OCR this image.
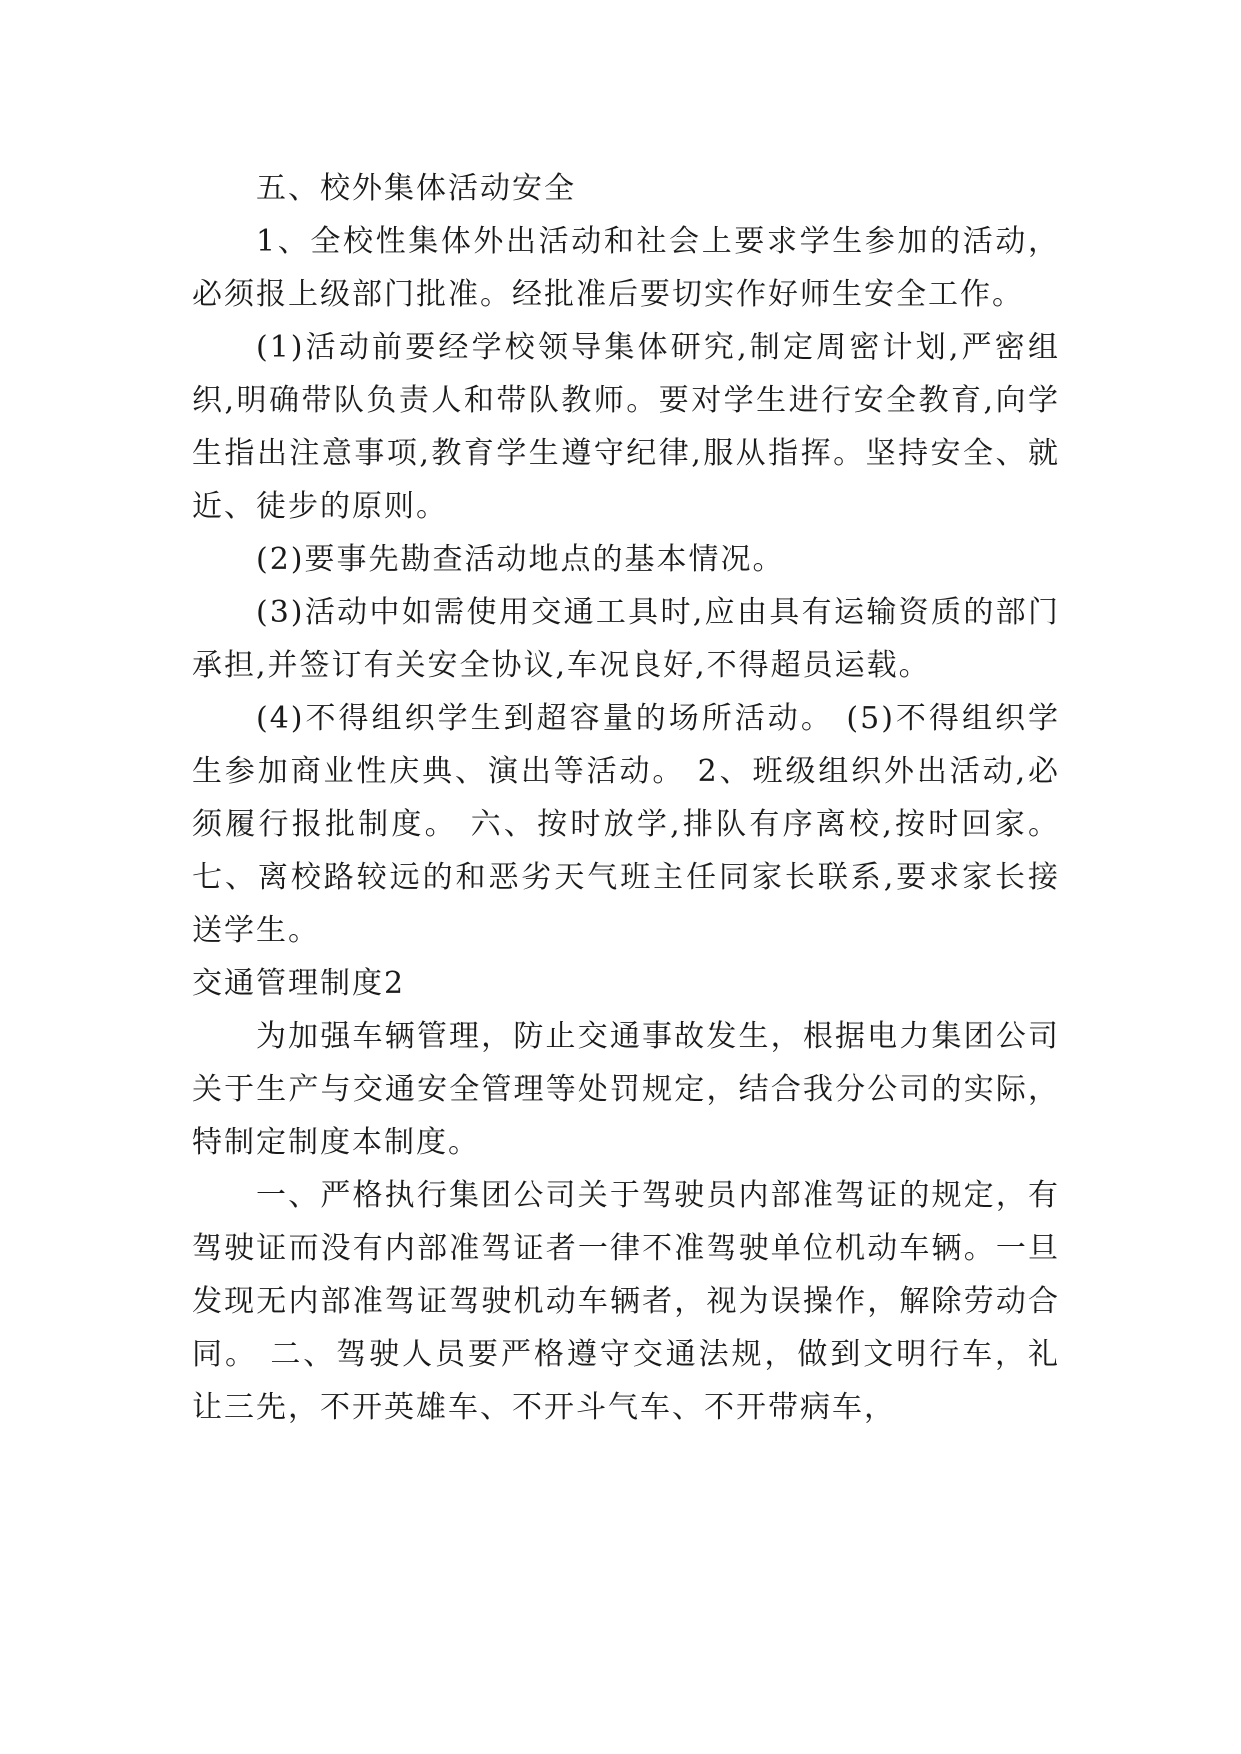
五、校外集体活动安全

1、全校性集体外出活动和社会上要求学生参加的活动，必须报上级部门批准。经批准后要切实作好师生安全工作。

(1)活动前要经学校领导集体研究,制定周密计划,严密组织,明确带队负责人和带队教师。要对学生进行安全教育,向学生指出注意事项,教育学生遵守纪律,服从指挥。坚持安全、就近、徒步的原则。

(2)要事先勘查活动地点的基本情况。

(3)活动中如需使用交通工具时,应由具有运输资质的部门承担,并签订有关安全协议,车况良好,不得超员运载。

(4)不得组织学生到超容量的场所活动。 (5)不得组织学生参加商业性庆典、演出等活动。 2、班级组织外出活动,必须履行报批制度。 六、按时放学,排队有序离校,按时回家。 七、离校路较远的和恶劣天气班主任同家长联系,要求家长接送学生。

交通管理制度2

为加强车辆管理，防止交通事故发生，根据电力集团公司关于生产与交通安全管理等处罚规定，结合我分公司的实际，特制定制度本制度。

一、严格执行集团公司关于驾驶员内部准驾证的规定，有驾驶证而没有内部准驾证者一律不准驾驶单位机动车辆。一旦发现无内部准驾证驾驶机动车辆者，视为误操作，解除劳动合同。 二、驾驶人员要严格遵守交通法规，做到文明行车，礼让三先，不开英雄车、不开斗气车、不开带病车，
